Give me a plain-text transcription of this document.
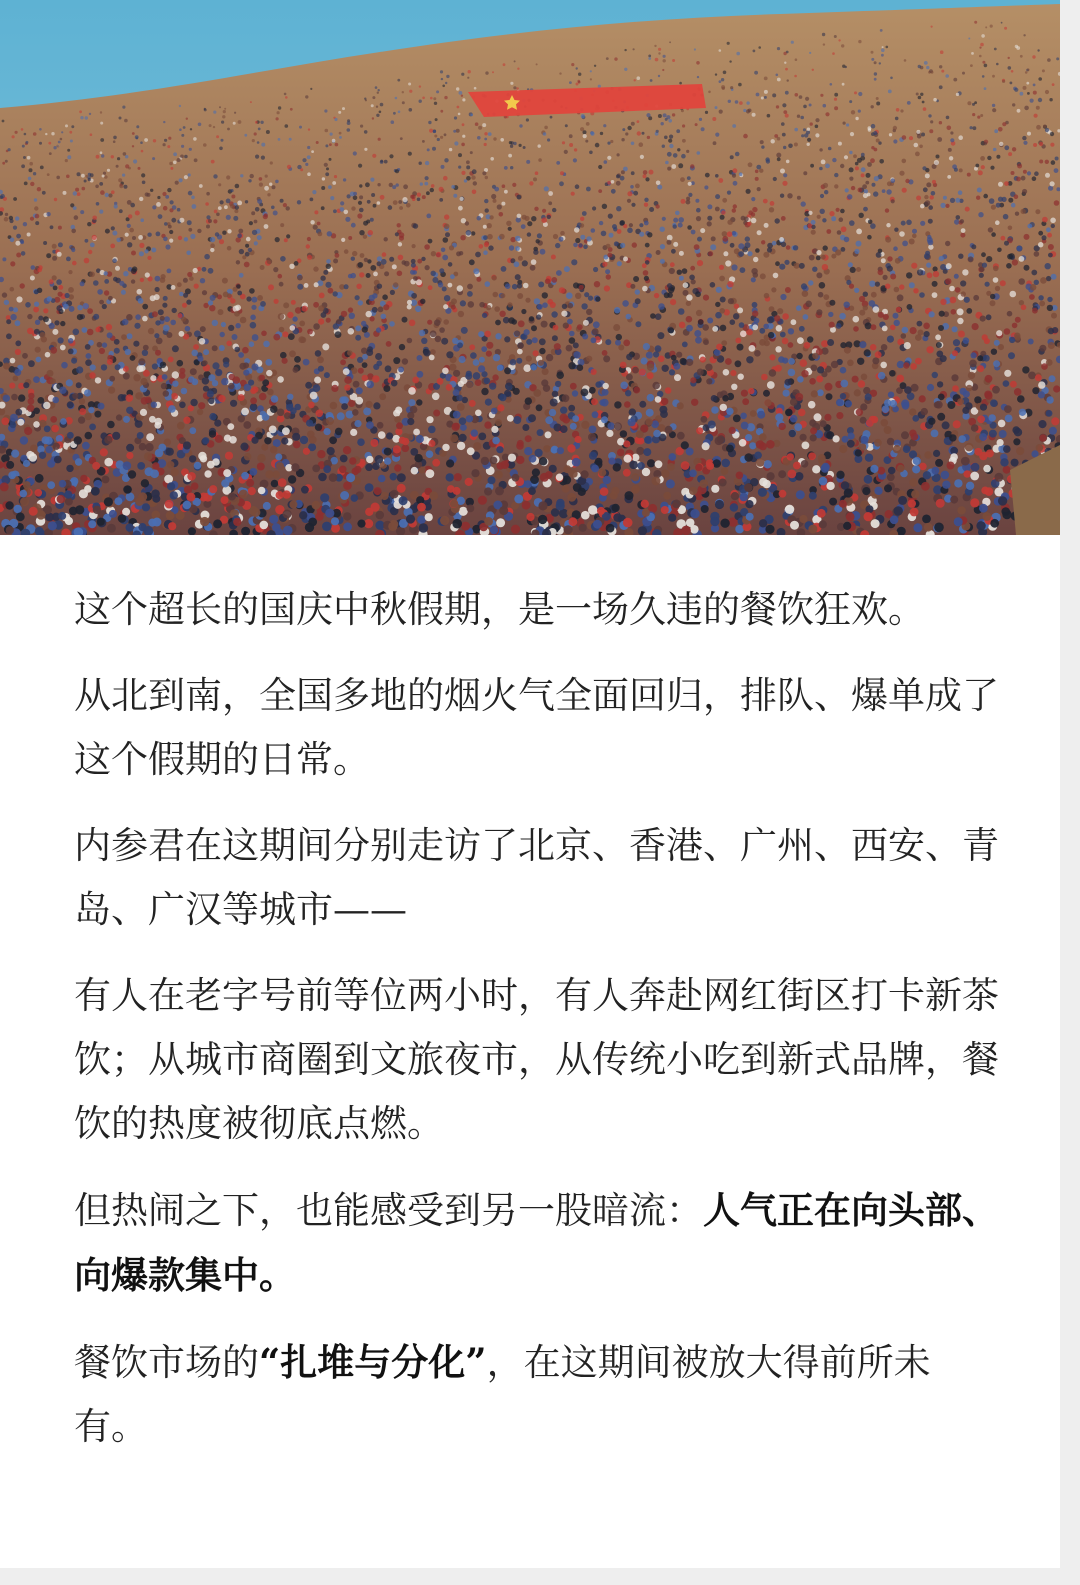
这个超长的国庆中秋假期，是一场久违的餐饮狂欢。

从北到南，全国多地的烟火气全面回归，排队、爆单成了这个假期的日常。

内参君在这期间分别走访了北京、香港、广州、西安、青岛、广汉等城市——

有人在老字号前等位两小时，有人奔赴网红街区打卡新茶饮；从城市商圈到文旅夜市，从传统小吃到新式品牌，餐饮的热度被彻底点燃。

但热闹之下，也能感受到另一股暗流：人气正在向头部、向爆款集中。

餐饮市场的“扎堆与分化”，在这期间被放大得前所未有。
